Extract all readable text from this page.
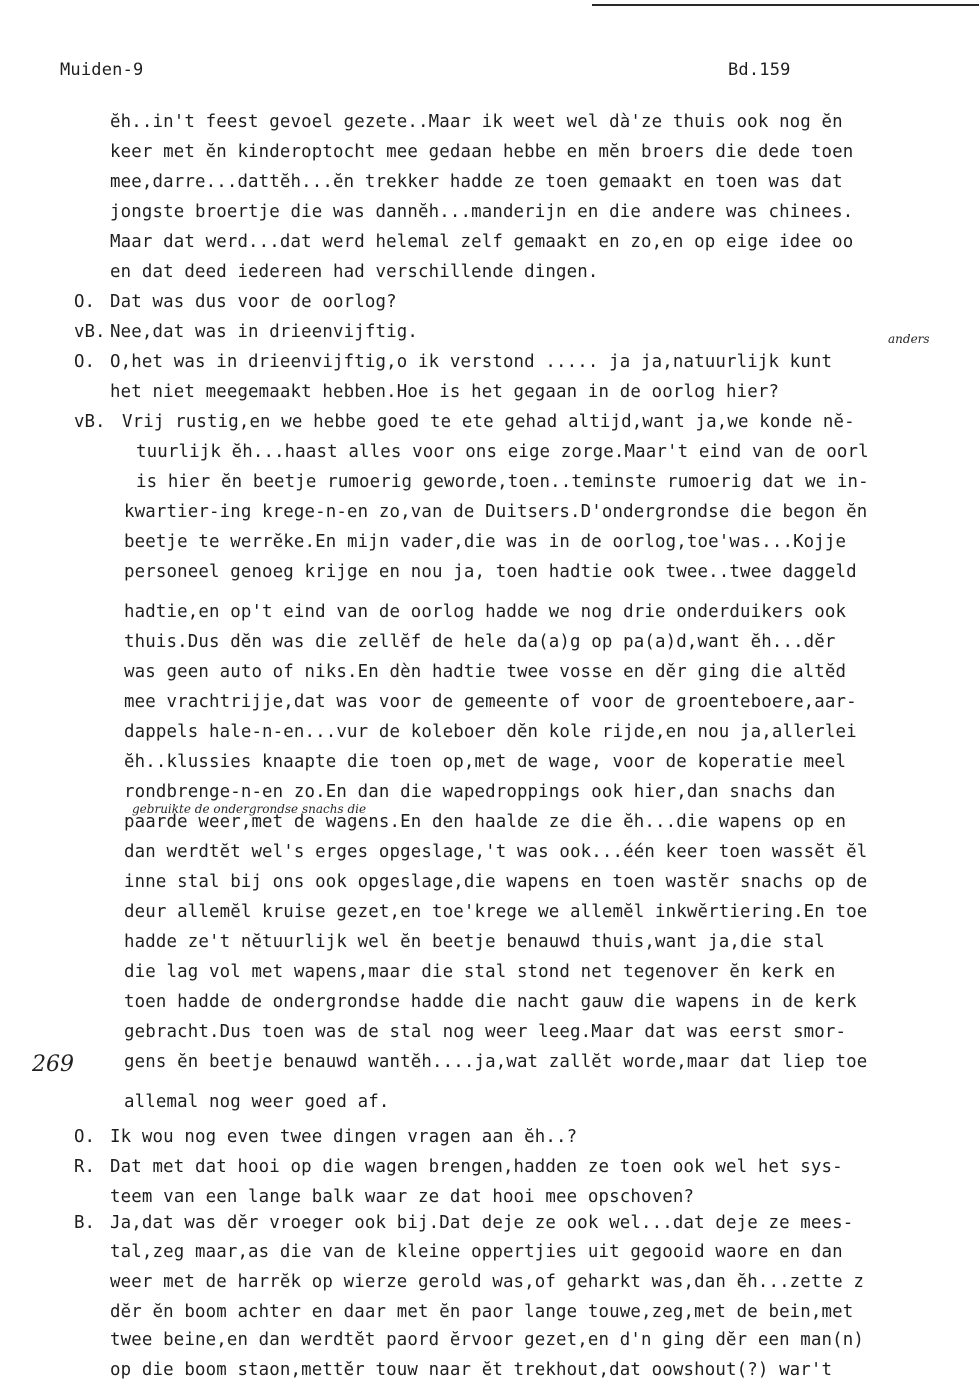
Muiden-9	Bd.159
anders
gebruikte de ondergrondse snachs die
269
ĕh..in't feest gevoel gezete..Maar ik weet wel dà'ze thuis ook nog ĕn
keer met ĕn kinderoptocht mee gedaan hebbe en mĕn broers die dede toen
mee,darre...dattĕh...ĕn trekker hadde ze toen gemaakt en toen was dat
jongste broertje die was dannĕh...manderijn en die andere was chinees.
Maar dat werd...dat werd helemal zelf gemaakt en zo,en op eige idee oo
en dat deed iedereen had verschillende dingen.
O. Dat was dus voor de oorlog?
vB. Nee,dat was in drieenvijftig.
O. O,het was in drieenvijftig,o ik verstond ..... ja ja,natuurlijk kunt
het niet meegemaakt hebben.Hoe is het gegaan in de oorlog hier?
vB. Vrij rustig,en we hebbe goed te ete gehad altijd,want ja,we konde nĕ-
tuurlijk ĕh...haast alles voor ons eige zorge.Maar't eind van de oorl
is hier ĕn beetje rumoerig geworde,toen..teminste rumoerig dat we in-
kwartier-ing krege-n-en zo,van de Duitsers.D'ondergrondse die begon ĕn
beetje te werrĕke.En mijn vader,die was in de oorlog,toe'was...Kojje
personeel genoeg krijge en nou ja, toen hadtie ook twee..twee daggeld
hadtie,en op't eind van de oorlog hadde we nog drie onderduikers ook
thuis.Dus dĕn was die zellĕf de hele da(a)g op pa(a)d,want ĕh...dĕr
was geen auto of niks.En dèn hadtie twee vosse en dĕr ging die altĕd
mee vrachtrijje,dat was voor de gemeente of voor de groenteboere,aar-
dappels hale-n-en...vur de koleboer dĕn kole rijde,en nou ja,allerlei
ĕh..klussies knaapte die toen op,met de wage, voor de koperatie meel
rondbrenge-n-en zo.En dan die wapedroppings ook hier,dan snachs dan
paarde weer,met de wagens.En den haalde ze die ĕh...die wapens op en
dan werdtĕt wel's erges opgeslage,'t was ook...één keer toen wassĕt ĕl
inne stal bij ons ook opgeslage,die wapens en toen wastĕr snachs op de
deur allemĕl kruise gezet,en toe'krege we allemĕl inkwĕrtiering.En toe
hadde ze't nĕtuurlijk wel ĕn beetje benauwd thuis,want ja,die stal
die lag vol met wapens,maar die stal stond net tegenover ĕn kerk en
toen hadde de ondergrondse hadde die nacht gauw die wapens in de kerk
gebracht.Dus toen was de stal nog weer leeg.Maar dat was eerst smor-
gens ĕn beetje benauwd wantĕh....ja,wat zallĕt worde,maar dat liep toe
allemal nog weer goed af.
O. Ik wou nog even twee dingen vragen aan ĕh..?
R. Dat met dat hooi op die wagen brengen,hadden ze toen ook wel het sys-
teem van een lange balk waar ze dat hooi mee opschoven?
B. Ja,dat was dĕr vroeger ook bij.Dat deje ze ook wel...dat deje ze mees-
tal,zeg maar,as die van de kleine oppertjies uit gegooid waore en dan
weer met de harrĕk op wierze gerold was,of geharkt was,dan ĕh...zette z
dĕr ĕn boom achter en daar met ĕn paor lange touwe,zeg,met de bein,met
twee beine,en dan werdtĕt paord ĕrvoor gezet,en d'n ging dĕr een man(n)
op die boom staon,mettĕr touw naar ĕt trekhout,dat oowshout(?) war't
